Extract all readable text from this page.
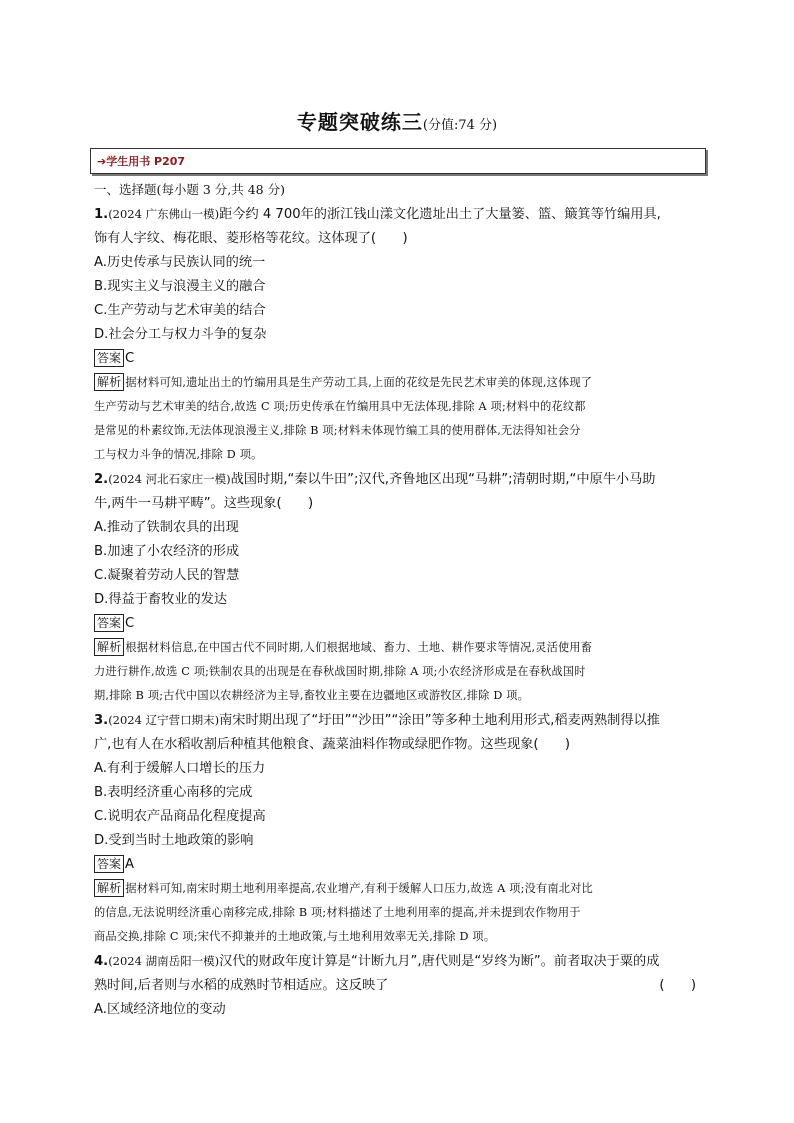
专题突破练三(分值:74 分)
➔学生用书 P207
一、选择题(每小题 3 分,共 48 分)
1.(2024 广东佛山一模)距今约 4 700年的浙江钱山漾文化遗址出土了大量篓、篮、簸箕等竹编用具,
饰有人字纹、梅花眼、菱形格等花纹。这体现了(　　)
A.历史传承与民族认同的统一
B.现实主义与浪漫主义的融合
C.生产劳动与艺术审美的结合
D.社会分工与权力斗争的复杂
答案 C
解析 据材料可知,遗址出土的竹编用具是生产劳动工具,上面的花纹是先民艺术审美的体现,这体现了
生产劳动与艺术审美的结合,故选 C 项;历史传承在竹编用具中无法体现,排除 A 项;材料中的花纹都
是常见的朴素纹饰,无法体现浪漫主义,排除 B 项;材料未体现竹编工具的使用群体,无法得知社会分
工与权力斗争的情况,排除 D 项。
2.(2024 河北石家庄一模)战国时期,“秦以牛田”;汉代,齐鲁地区出现“马耕”;清朝时期,“中原牛小马助
牛,两牛一马耕平畴”。这些现象(　　)
A.推动了铁制农具的出现
B.加速了小农经济的形成
C.凝聚着劳动人民的智慧
D.得益于畜牧业的发达
答案 C
解析 根据材料信息,在中国古代不同时期,人们根据地域、畜力、土地、耕作要求等情况,灵活使用畜
力进行耕作,故选 C 项;铁制农具的出现是在春秋战国时期,排除 A 项;小农经济形成是在春秋战国时
期,排除 B 项;古代中国以农耕经济为主导,畜牧业主要在边疆地区或游牧区,排除 D 项。
3.(2024 辽宁营口期末)南宋时期出现了“圩田”“沙田”“涂田”等多种土地利用形式,稻麦两熟制得以推
广,也有人在水稻收割后种植其他粮食、蔬菜油料作物或绿肥作物。这些现象(　　)
A.有利于缓解人口增长的压力
B.表明经济重心南移的完成
C.说明农产品商品化程度提高
D.受到当时土地政策的影响
答案 A
解析 据材料可知,南宋时期土地利用率提高,农业增产,有利于缓解人口压力,故选 A 项;没有南北对比
的信息,无法说明经济重心南移完成,排除 B 项;材料描述了土地利用率的提高,并未提到农作物用于
商品交换,排除 C 项;宋代不抑兼并的土地政策,与土地利用效率无关,排除 D 项。
4.(2024 湖南岳阳一模)汉代的财政年度计算是“计断九月”,唐代则是“岁终为断”。前者取决于粟的成
熟时间,后者则与水稻的成熟时节相适应。这反映了	(　　)
A.区域经济地位的变动
